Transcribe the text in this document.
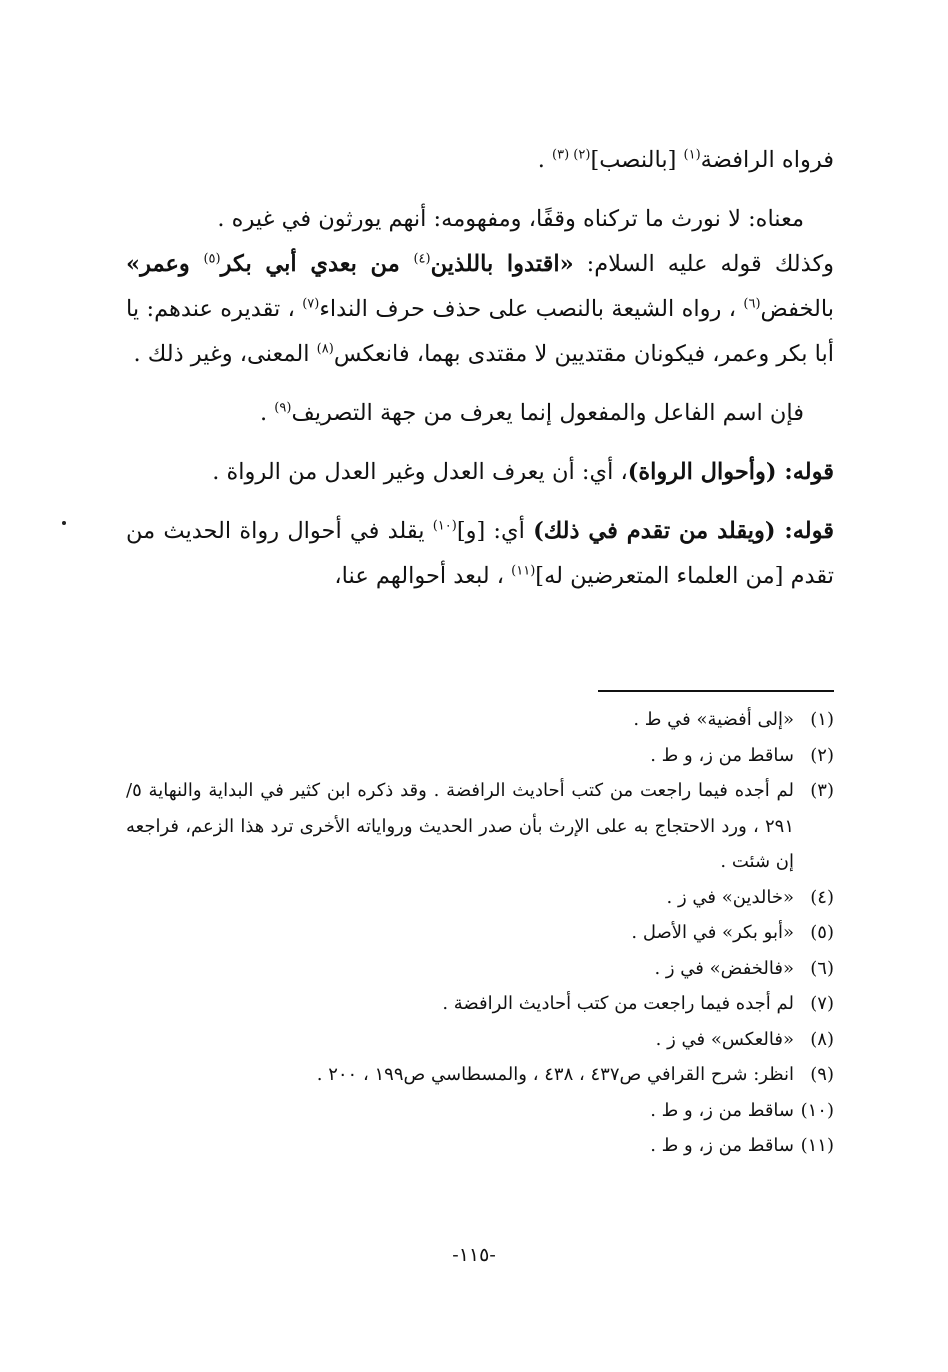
فرواه الرافضة$^{(١)}$ [بالنصب]$^{(٢)}$ $^{(٣)}$ .

معناه: لا نورث ما تركناه وقفًا، ومفهومه: أنهم يورثون في غيره .

وكذلك قوله عليه السلام: «اقتدوا باللذين$^{(٤)}$ من بعدي أبي بكر$^{(٥)}$ وعمر» بالخفض$^{(٦)}$ ، رواه الشيعة بالنصب على حذف حرف النداء$^{(٧)}$ ، تقديره عندهم: يا أبا بكر وعمر، فيكونان مقتديين لا مقتدى بهما، فانعكس$^{(٨)}$ المعنى، وغير ذلك .

فإن اسم الفاعل والمفعول إنما يعرف من جهة التصريف$^{(٩)}$ .

قوله: (وأحوال الرواة)، أي: أن يعرف العدل وغير العدل من الرواة .

قوله: (ويقلد من تقدم في ذلك) أي: [و]$^{(١٠)}$ يقلد في أحوال رواة الحديث من تقدم [من العلماء المتعرضين له]$^{(١١)}$ ، لبعد أحوالهم عنا،

(١)
«إلى أفضية» في ط .
(٢)
ساقط من ز، و ط .
(٣)
لم أجده فيما راجعت من كتب أحاديث الرافضة . وقد ذكره ابن كثير في البداية والنهاية ٥/ ٢٩١ ، ورد الاحتجاج به على الإرث بأن صدر الحديث ورواياته الأخرى ترد هذا الزعم، فراجعه إن شئت .
(٤)
«خالدين» في ز .
(٥)
«أبو بكر» في الأصل .
(٦)
«فالخفض» في ز .
(٧)
لم أجده فيما راجعت من كتب أحاديث الرافضة .
(٨)
«فالعكس» في ز .
(٩)
انظر: شرح القرافي ص٤٣٧ ، ٤٣٨ ، والمسطاسي ص١٩٩ ، ٢٠٠ .
(١٠)
ساقط من ز، و ط .
(١١)
ساقط من ز، و ط .
-١١٥-
